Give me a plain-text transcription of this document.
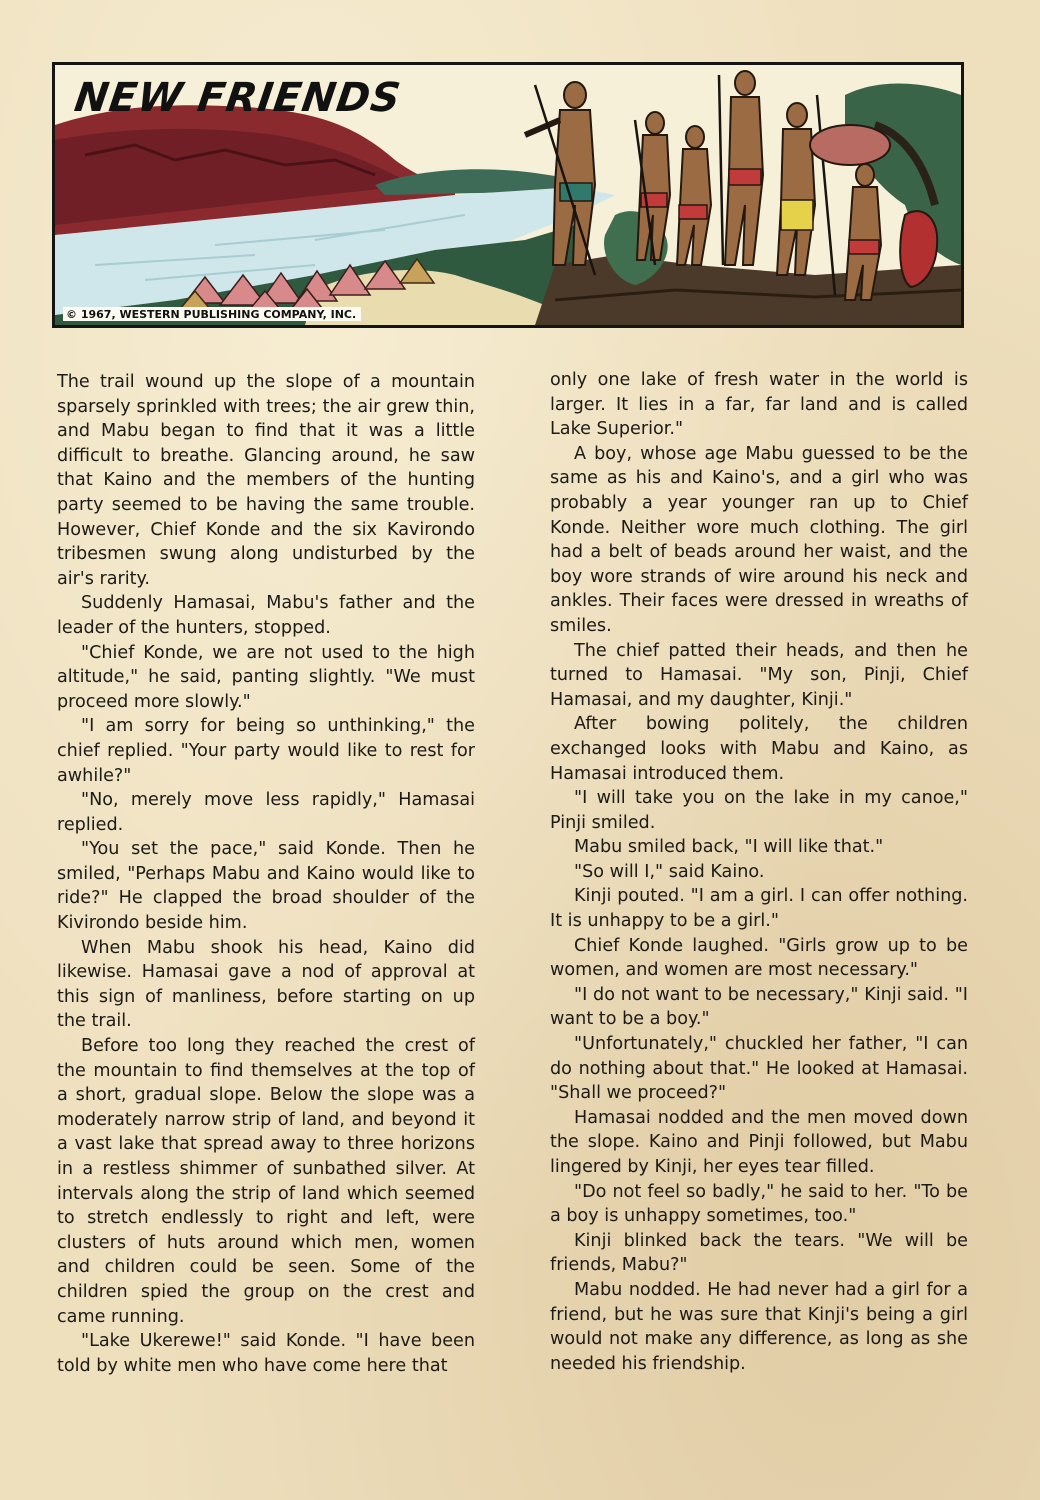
NEW FRIENDS
© 1967, WESTERN PUBLISHING COMPANY, INC.

The trail wound up the slope of a mountain sparsely sprinkled with trees; the air grew thin, and Mabu began to find that it was a little difficult to breathe. Glancing around, he saw that Kaino and the members of the hunting party seemed to be having the same trouble. However, Chief Konde and the six Kavirondo tribesmen swung along undisturbed by the air's rarity.

Suddenly Hamasai, Mabu's father and the leader of the hunters, stopped.

"Chief Konde, we are not used to the high altitude," he said, panting slightly. "We must proceed more slowly."

"I am sorry for being so unthinking," the chief replied. "Your party would like to rest for awhile?"

"No, merely move less rapidly," Hamasai replied.

"You set the pace," said Konde. Then he smiled, "Perhaps Mabu and Kaino would like to ride?" He clapped the broad shoulder of the Kivirondo beside him.

When Mabu shook his head, Kaino did likewise. Hamasai gave a nod of approval at this sign of manliness, before starting on up the trail.

Before too long they reached the crest of the mountain to find themselves at the top of a short, gradual slope. Below the slope was a moderately narrow strip of land, and beyond it a vast lake that spread away to three horizons in a restless shimmer of sunbathed silver. At intervals along the strip of land which seemed to stretch endlessly to right and left, were clusters of huts around which men, women and children could be seen. Some of the children spied the group on the crest and came running.

"Lake Ukerewe!" said Konde. "I have been told by white men who have come here that

only one lake of fresh water in the world is larger. It lies in a far, far land and is called Lake Superior."

A boy, whose age Mabu guessed to be the same as his and Kaino's, and a girl who was probably a year younger ran up to Chief Konde. Neither wore much clothing. The girl had a belt of beads around her waist, and the boy wore strands of wire around his neck and ankles. Their faces were dressed in wreaths of smiles.

The chief patted their heads, and then he turned to Hamasai. "My son, Pinji, Chief Hamasai, and my daughter, Kinji."

After bowing politely, the children exchanged looks with Mabu and Kaino, as Hamasai introduced them.

"I will take you on the lake in my canoe," Pinji smiled.

Mabu smiled back, "I will like that."

"So will I," said Kaino.

Kinji pouted. "I am a girl. I can offer nothing. It is unhappy to be a girl."

Chief Konde laughed. "Girls grow up to be women, and women are most necessary."

"I do not want to be necessary," Kinji said. "I want to be a boy."

"Unfortunately," chuckled her father, "I can do nothing about that." He looked at Hamasai. "Shall we proceed?"

Hamasai nodded and the men moved down the slope. Kaino and Pinji followed, but Mabu lingered by Kinji, her eyes tear filled.

"Do not feel so badly," he said to her. "To be a boy is unhappy sometimes, too."

Kinji blinked back the tears. "We will be friends, Mabu?"

Mabu nodded. He had never had a girl for a friend, but he was sure that Kinji's being a girl would not make any difference, as long as she needed his friendship.
